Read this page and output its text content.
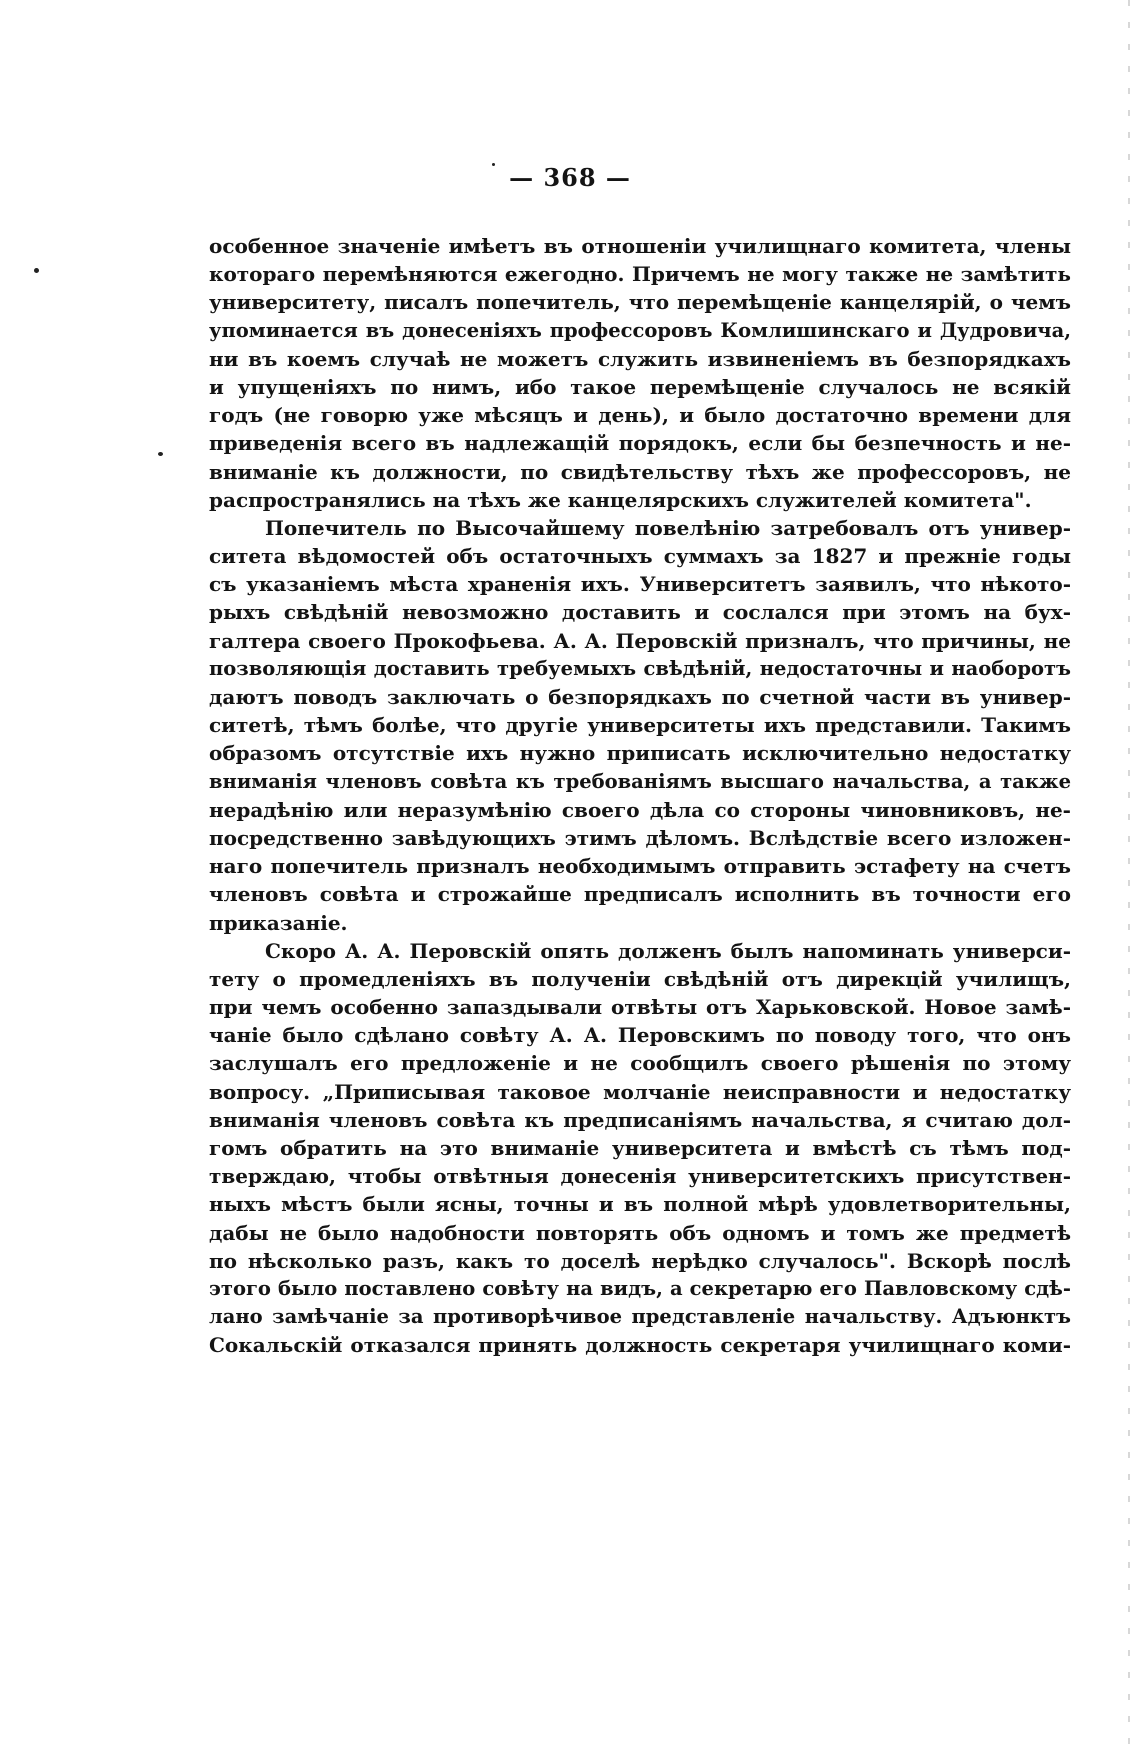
— 368 —
особенное значеніе имѣетъ въ отношеніи училищнаго комитета, члены
котораго перемѣняются ежегодно. Причемъ не могу также не замѣтить
университету, писалъ попечитель, что перемѣщеніе канцелярій, о чемъ
упоминается въ донесеніяхъ профессоровъ Комлишинскаго и Дудровича,
ни въ коемъ случаѣ не можетъ служить извиненіемъ въ безпорядкахъ
и упущеніяхъ по нимъ, ибо такое перемѣщеніе случалось не всякій
годъ (не говорю уже мѣсяцъ и день), и было достаточно времени для
приведенія всего въ надлежащій порядокъ, если бы безпечность и не-
вниманіе къ должности, по свидѣтельству тѣхъ же профессоровъ, не
распространялись на тѣхъ же канцелярскихъ служителей комитета".
Попечитель по Высочайшему повелѣнію затребовалъ отъ универ-
ситета вѣдомостей объ остаточныхъ суммахъ за 1827 и прежніе годы
съ указаніемъ мѣста храненія ихъ. Университетъ заявилъ, что нѣкото-
рыхъ свѣдѣній невозможно доставить и сослался при этомъ на бух-
галтера своего Прокофьева. А. А. Перовскій призналъ, что причины, не
позволяющія доставить требуемыхъ свѣдѣній, недостаточны и наоборотъ
даютъ поводъ заключать о безпорядкахъ по счетной части въ универ-
ситетѣ, тѣмъ болѣе, что другіе университеты ихъ представили. Такимъ
образомъ отсутствіе ихъ нужно приписать исключительно недостатку
вниманія членовъ совѣта къ требованіямъ высшаго начальства, а также
нерадѣнію или неразумѣнію своего дѣла со стороны чиновниковъ, не-
посредственно завѣдующихъ этимъ дѣломъ. Вслѣдствіе всего изложен-
наго попечитель призналъ необходимымъ отправить эстафету на счетъ
членовъ совѣта и строжайше предписалъ исполнить въ точности его
приказаніе.
Скоро А. А. Перовскій опять долженъ былъ напоминать универси-
тету о промедленіяхъ въ полученіи свѣдѣній отъ дирекцій училищъ,
при чемъ особенно запаздывали отвѣты отъ Харьковской. Новое замѣ-
чаніе было сдѣлано совѣту А. А. Перовскимъ по поводу того, что онъ
заслушалъ его предложеніе и не сообщилъ своего рѣшенія по этому
вопросу. „Приписывая таковое молчаніе неисправности и недостатку
вниманія членовъ совѣта къ предписаніямъ начальства, я считаю дол-
гомъ обратить на это вниманіе университета и вмѣстѣ съ тѣмъ под-
тверждаю, чтобы отвѣтныя донесенія университетскихъ присутствен-
ныхъ мѣстъ были ясны, точны и въ полной мѣрѣ удовлетворительны,
дабы не было надобности повторять объ одномъ и томъ же предметѣ
по нѣсколько разъ, какъ то доселѣ нерѣдко случалось". Вскорѣ послѣ
этого было поставлено совѣту на видъ, а секретарю его Павловскому сдѣ-
лано замѣчаніе за противорѣчивое представленіе начальству. Адъюнктъ
Сокальскій отказался принять должность секретаря училищнаго коми-
